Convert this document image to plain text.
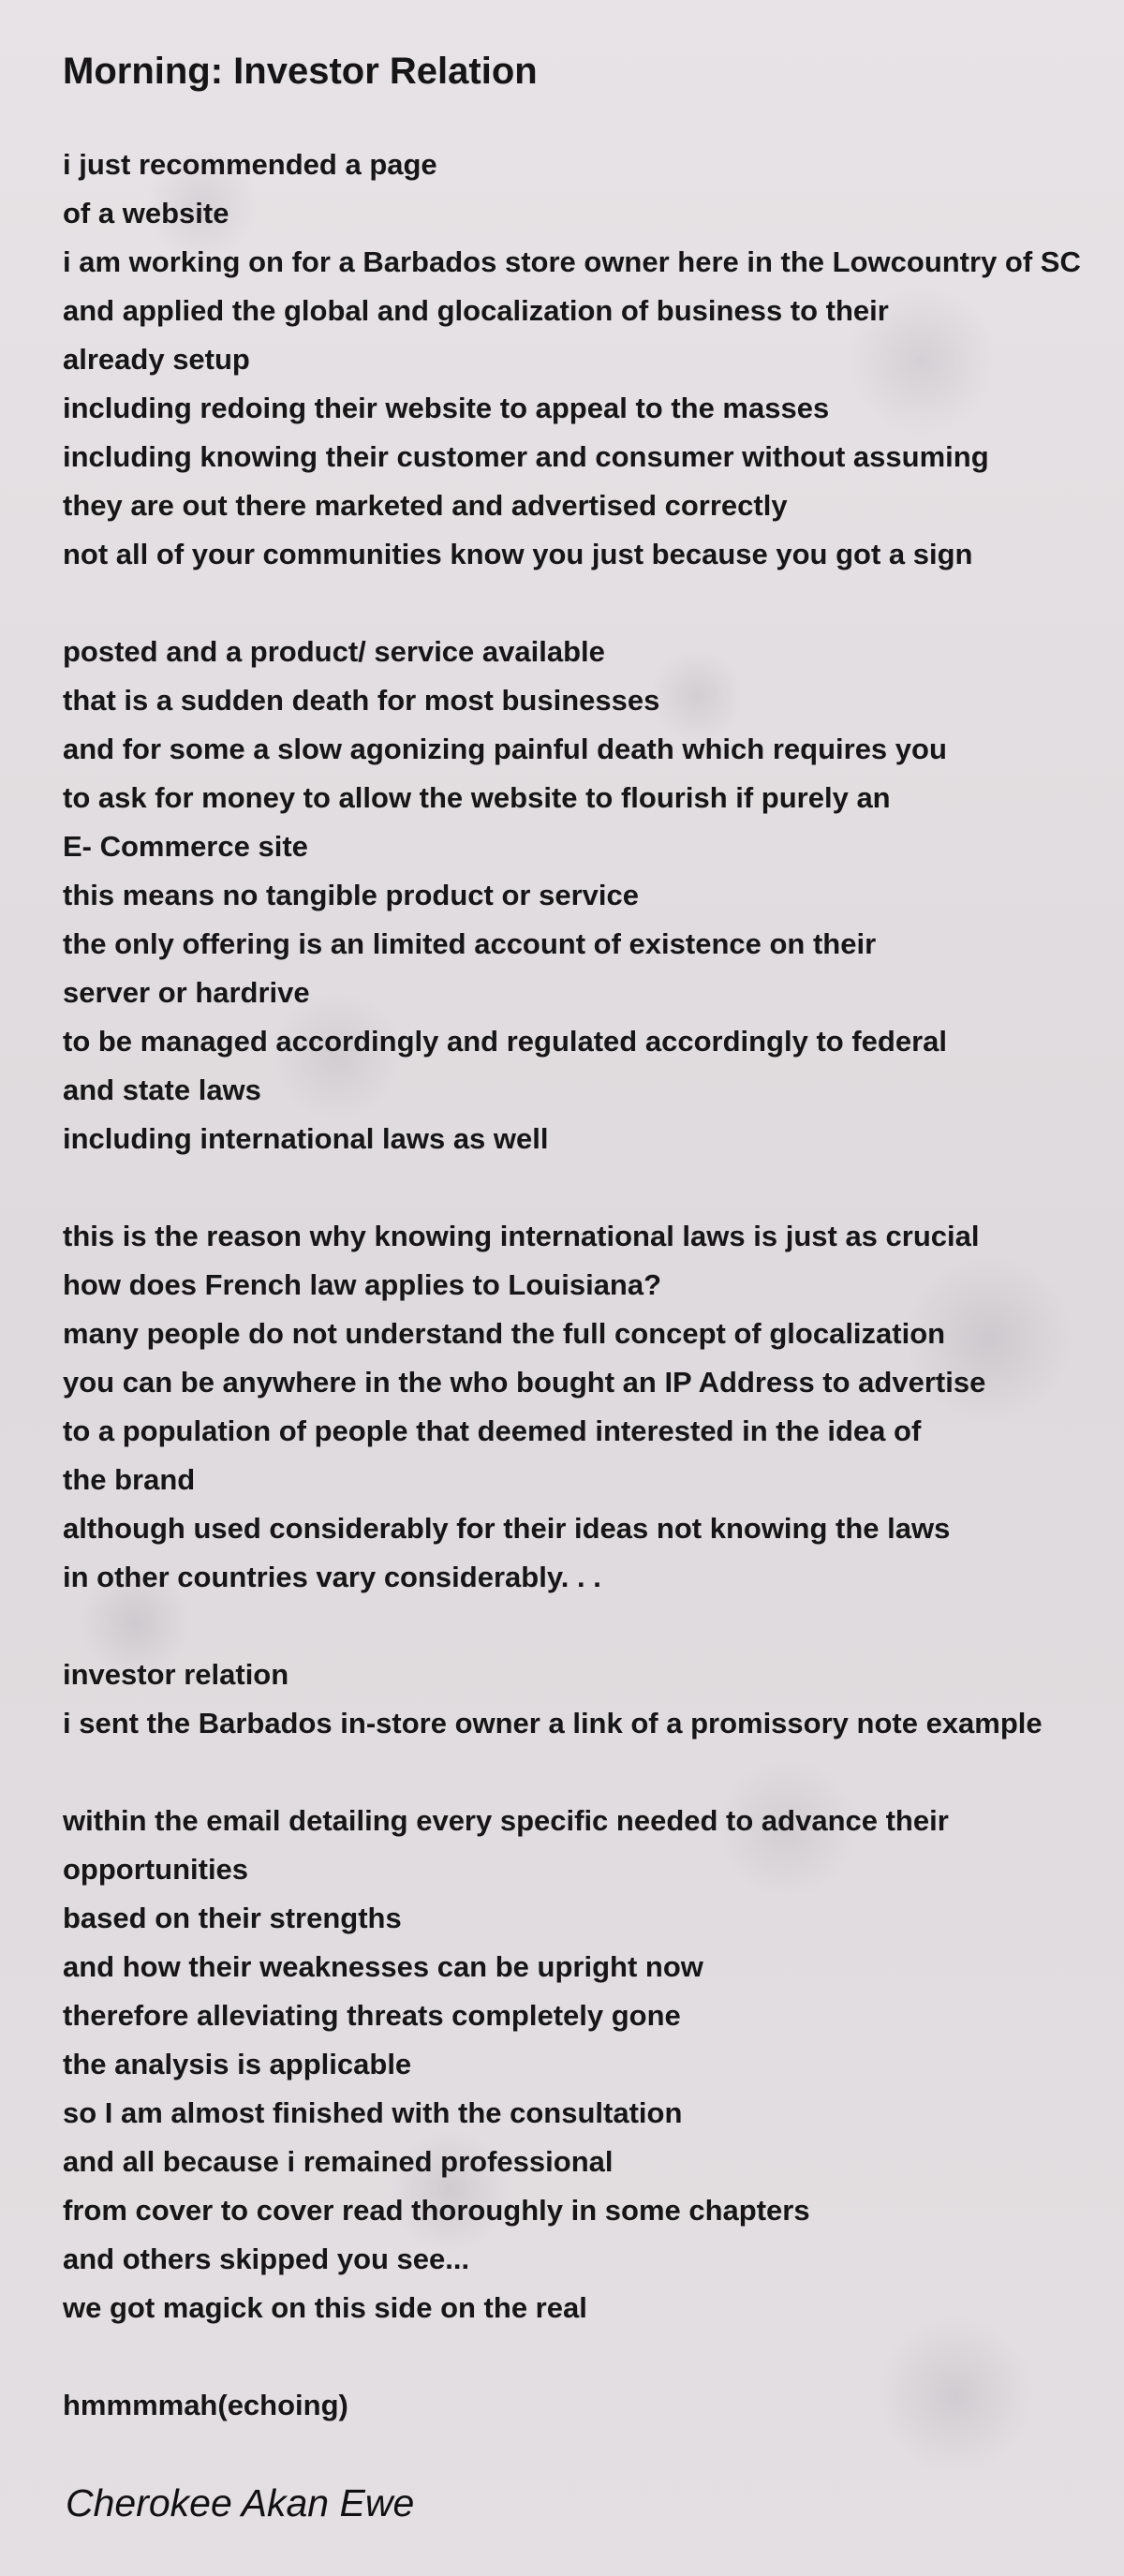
Morning: Investor Relation
i just recommended a page
of a website
i am working on for a Barbados store owner here in the Lowcountry of SC
and applied the global and glocalization of business to their
already setup
including redoing their website to appeal to the masses
including knowing their customer and consumer without assuming
they are out there marketed and advertised correctly
not all of your communities know you just because you got a sign
posted and a product/ service available
that is a sudden death for most businesses
and for some a slow agonizing painful death which requires you
to ask for money to allow the website to flourish if purely an
E- Commerce site
this means no tangible product or service
the only offering is an limited account of existence on their
server or hardrive
to be managed accordingly and regulated accordingly to federal
and state laws
including international laws as well
this is the reason why knowing international laws is just as crucial
how does French law applies to Louisiana?
many people do not understand the full concept of glocalization
you can be anywhere in the who bought an IP Address to advertise
to a population of people that deemed interested in the idea of
the brand
although used considerably for their ideas not knowing the laws
in other countries vary considerably. . .
investor relation
i sent the Barbados in-store owner a link of a promissory note example
within the email detailing every specific needed to advance their
opportunities
based on their strengths
and how their weaknesses can be upright now
therefore alleviating threats completely gone
the analysis is applicable
so I am almost finished with the consultation
and all because i remained professional
from cover to cover read thoroughly in some chapters
and others skipped you see...
we got magick on this side on the real
hmmmmah(echoing)

Cherokee Akan Ewe
